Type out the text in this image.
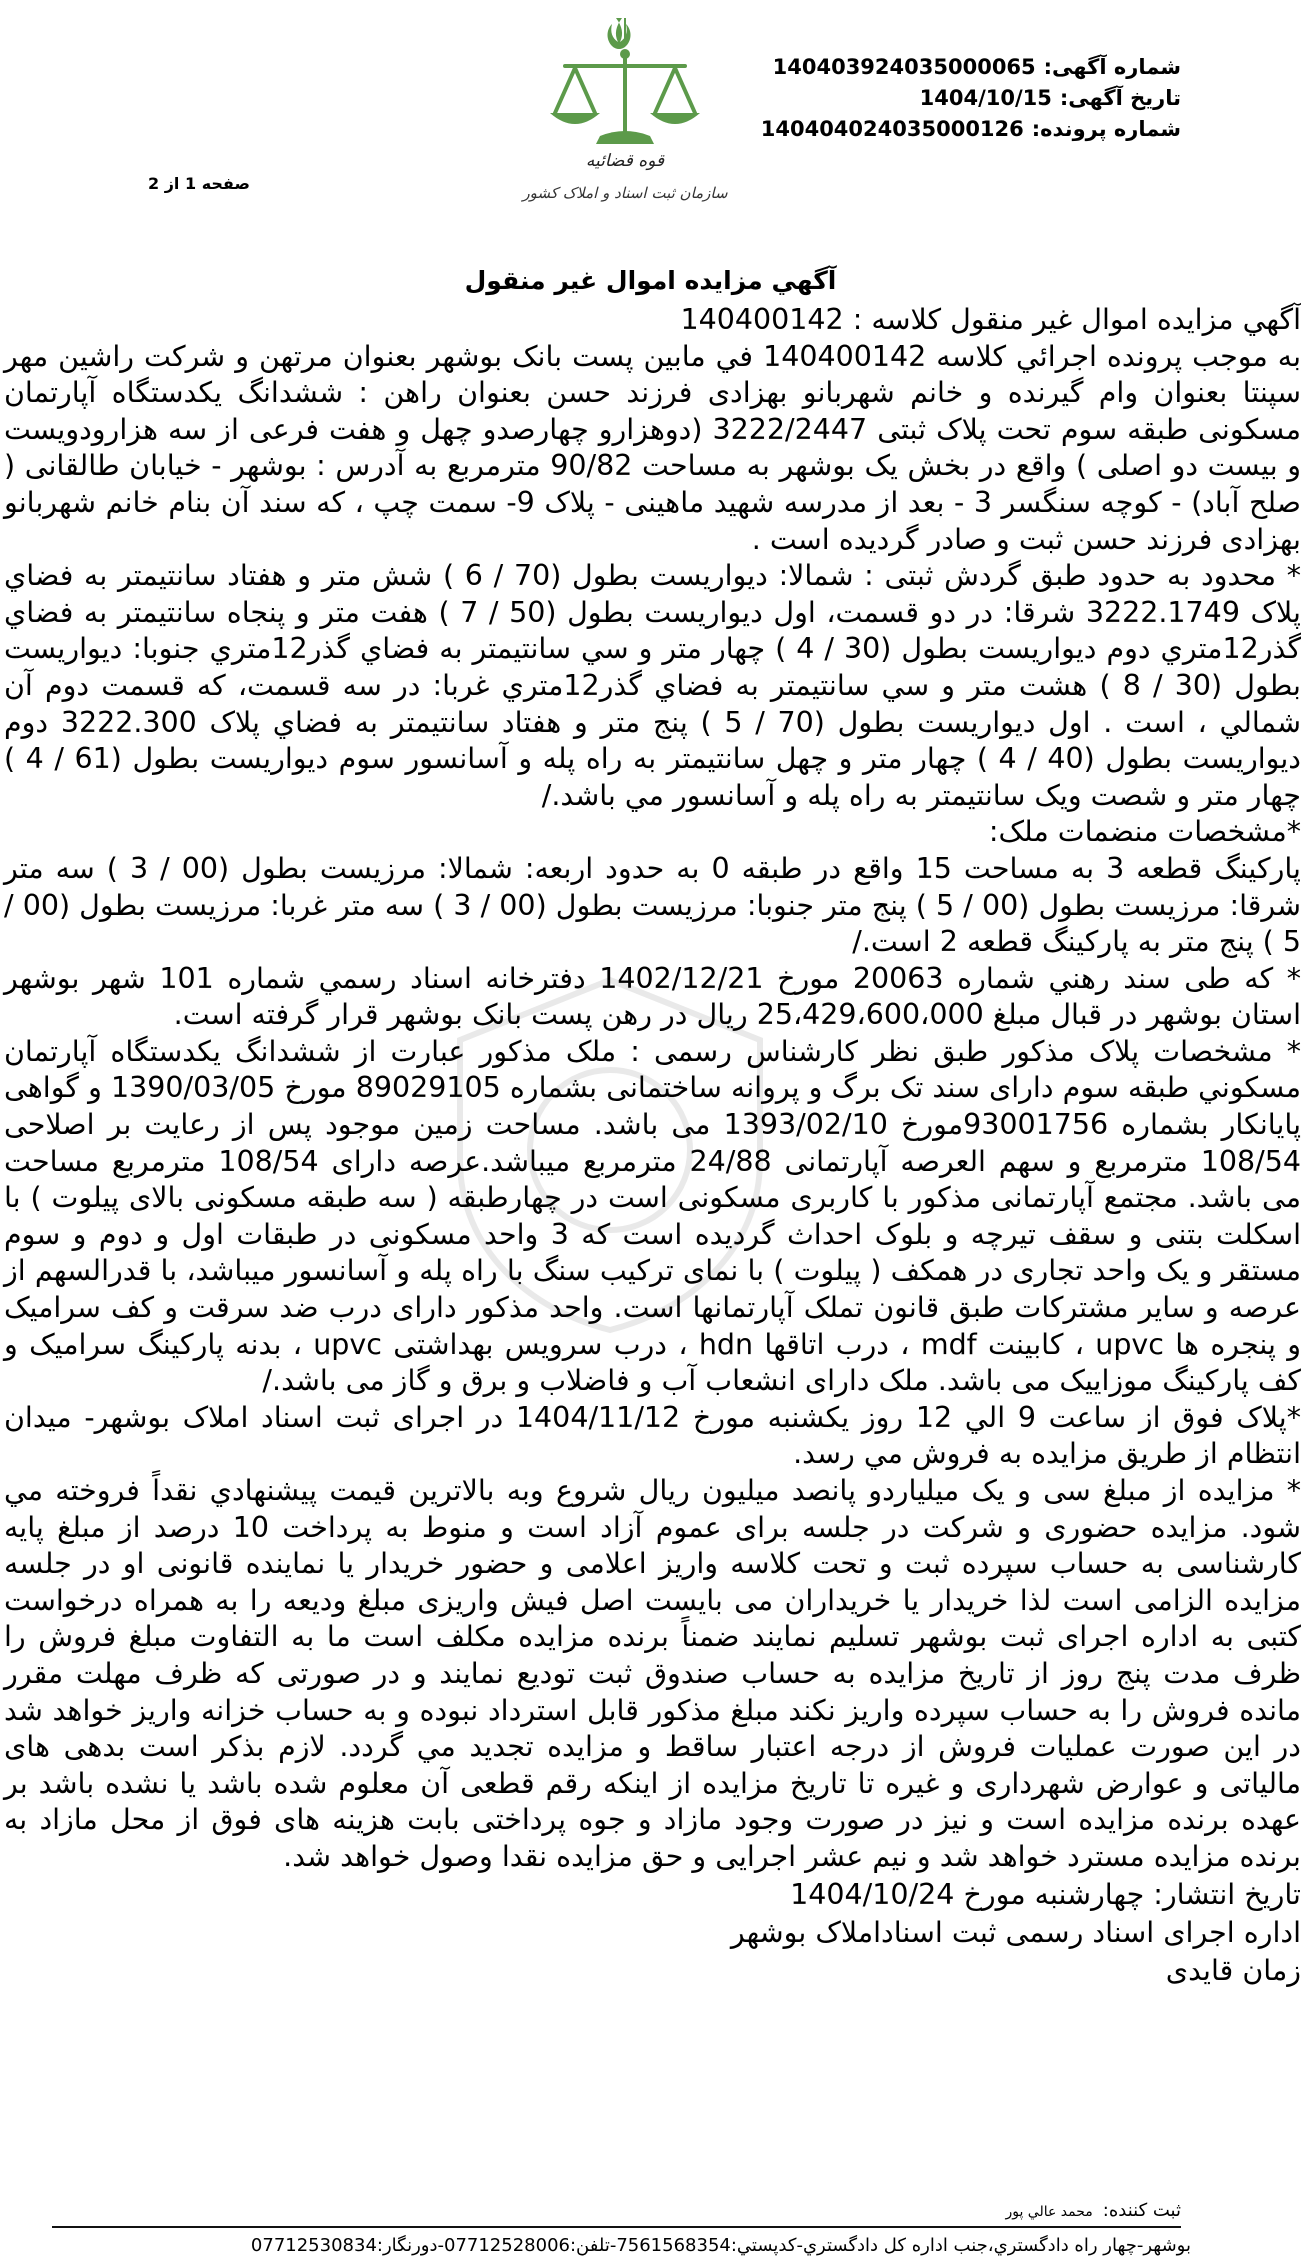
قوه قضائیه
سازمان ثبت اسناد و املاک کشور
شماره آگهی:
140403924035000065
تاریخ آگهی:
1404/10/15
شماره پرونده:
140404024035000126
صفحه 1 از 2
آگهي مزايده اموال غير منقول

آگهي مزايده اموال غير منقول کلاسه : 140400142

به موجب پرونده اجرائي کلاسه 140400142 في مابين پست بانک بوشهر بعنوان مرتهن و شرکت راشين مهر سپنتا بعنوان وام گيرنده و خانم شهربانو بهزادی فرزند حسن بعنوان راهن : ششدانگ يکدستگاه آپارتمان مسکونی طبقه سوم تحت پلاک ثبتی 3222/2447 (دوهزارو چهارصدو چهل و هفت فرعی از سه هزارودويست و بيست دو اصلی ) واقع در بخش يک بوشهر به مساحت 90/82 مترمربع به آدرس : بوشهر - خيابان طالقانی ( صلح آباد) - کوچه سنگسر 3 - بعد از مدرسه شهيد ماهينی - پلاک 9- سمت چپ ، که سند آن بنام خانم شهربانو بهزادی فرزند حسن ثبت و صادر گرديده است .

* محدود به حدود طبق گردش ثبتی : شمالا: ديواريست بطول (70 / 6 ) شش متر و هفتاد سانتيمتر به فضاي پلاک 3222.1749 شرقا: در دو قسمت، اول ديواريست بطول (50 / 7 ) هفت متر و پنجاه سانتيمتر به فضاي گذر12متري دوم ديواريست بطول (30 / 4 ) چهار متر و سي سانتيمتر به فضاي گذر12متري جنوبا: ديواريست بطول (30 / 8 ) هشت متر و سي سانتيمتر به فضاي گذر12متري غربا: در سه قسمت، که قسمت دوم آن شمالي ، است . اول ديواريست بطول (70 / 5 ) پنج متر و هفتاد سانتيمتر به فضاي پلاک 3222.300 دوم ديواريست بطول (40 / 4 ) چهار متر و چهل سانتيمتر به راه پله و آسانسور سوم ديواريست بطول (61 / 4 ) چهار متر و شصت ويک سانتيمتر به راه پله و آسانسور مي باشد./

*مشخصات منضمات ملک:

پارکينگ قطعه 3 به مساحت 15 واقع در طبقه 0 به حدود اربعه: شمالا: مرزيست بطول (00 / 3 ) سه متر شرقا: مرزيست بطول (00 / 5 ) پنج متر جنوبا: مرزيست بطول (00 / 3 ) سه متر غربا: مرزيست بطول (00 / 5 ) پنج متر به پارکينگ قطعه 2 است./

* که طی سند رهني شماره 20063 مورخ 1402/12/21 دفترخانه اسناد رسمي شماره 101 شهر بوشهر استان بوشهر در قبال مبلغ 25،429،600،000 ريال در رهن پست بانک بوشهر قرار گرفته است.

* مشخصات پلاک مذکور طبق نظر کارشناس رسمی : ملک مذکور عبارت از ششدانگ يکدستگاه آپارتمان مسکوني طبقه سوم دارای سند تک برگ و پروانه ساختمانی بشماره 89029105 مورخ 1390/03/05 و گواهی پايانکار بشماره 93001756مورخ 1393/02/10 می باشد. مساحت زمين موجود پس از رعايت بر اصلاحی 108/54 مترمربع و سهم العرصه آپارتمانی 24/88 مترمربع ميباشد.عرصه دارای 108/54 مترمربع مساحت می باشد. مجتمع آپارتمانی مذکور با کاربری مسکونی است در چهارطبقه ( سه طبقه مسکونی بالای پيلوت ) با اسکلت بتنی و سقف تيرچه و بلوک احداث گرديده است که 3 واحد مسکونی در طبقات اول و دوم و سوم مستقر و يک واحد تجاری در همکف ( پيلوت ) با نمای ترکيب سنگ با راه پله و آسانسور ميباشد، با قدرالسهم از عرصه و ساير مشترکات طبق قانون تملک آپارتمانها است. واحد مذکور دارای درب ضد سرقت و کف سراميک و پنجره ها upvc ، کابينت mdf ، درب اتاقها hdn ، درب سرويس بهداشتی upvc ، بدنه پارکينگ سراميک و کف پارکينگ موزاييک می باشد. ملک دارای انشعاب آب و فاضلاب و برق و گاز می باشد./

*پلاک فوق از ساعت 9 الي 12 روز يکشنبه مورخ 1404/11/12 در اجرای ثبت اسناد املاک بوشهر- ميدان انتظام از طريق مزايده به فروش مي رسد.

* مزايده از مبلغ سی و يک ميلياردو پانصد ميليون ريال شروع وبه بالاترين قيمت پيشنهادي نقداً فروخته مي شود. مزايده حضوری و شرکت در جلسه برای عموم آزاد است و منوط به پرداخت 10 درصد از مبلغ پايه کارشناسی به حساب سپرده ثبت و تحت کلاسه واريز اعلامی و حضور خريدار يا نماينده قانونی او در جلسه مزايده الزامی است لذا خريدار يا خريداران می بايست اصل فيش واريزی مبلغ وديعه را به همراه درخواست کتبی به اداره اجرای ثبت بوشهر تسليم نمايند ضمناً برنده مزايده مکلف است ما به التفاوت مبلغ فروش را ظرف مدت پنج روز از تاريخ مزايده به حساب صندوق ثبت توديع نمايند و در صورتی که ظرف مهلت مقرر مانده فروش را به حساب سپرده واريز نکند مبلغ مذکور قابل استرداد نبوده و به حساب خزانه واريز خواهد شد در اين صورت عمليات فروش از درجه اعتبار ساقط و مزايده تجديد مي گردد. لازم بذکر است بدهی های مالياتی و عوارض شهرداری و غيره تا تاريخ مزايده از اينکه رقم قطعی آن معلوم شده باشد يا نشده باشد بر عهده برنده مزايده است و نيز در صورت وجود مازاد و جوه پرداختی بابت هزينه های فوق از محل مازاد به برنده مزايده مسترد خواهد شد و نيم عشر اجرايی و حق مزايده نقدا وصول خواهد شد.

تاريخ انتشار: چهارشنبه مورخ 1404/10/24
اداره اجرای اسناد رسمی ثبت اسناداملاک بوشهر
زمان قايدی
ثبت کننده:
محمد عالي پور
بوشهر-چهار راه دادگستري،جنب اداره کل دادگستري-کدپستي:7561568354-تلفن:07712528006-دورنگار:07712530834
